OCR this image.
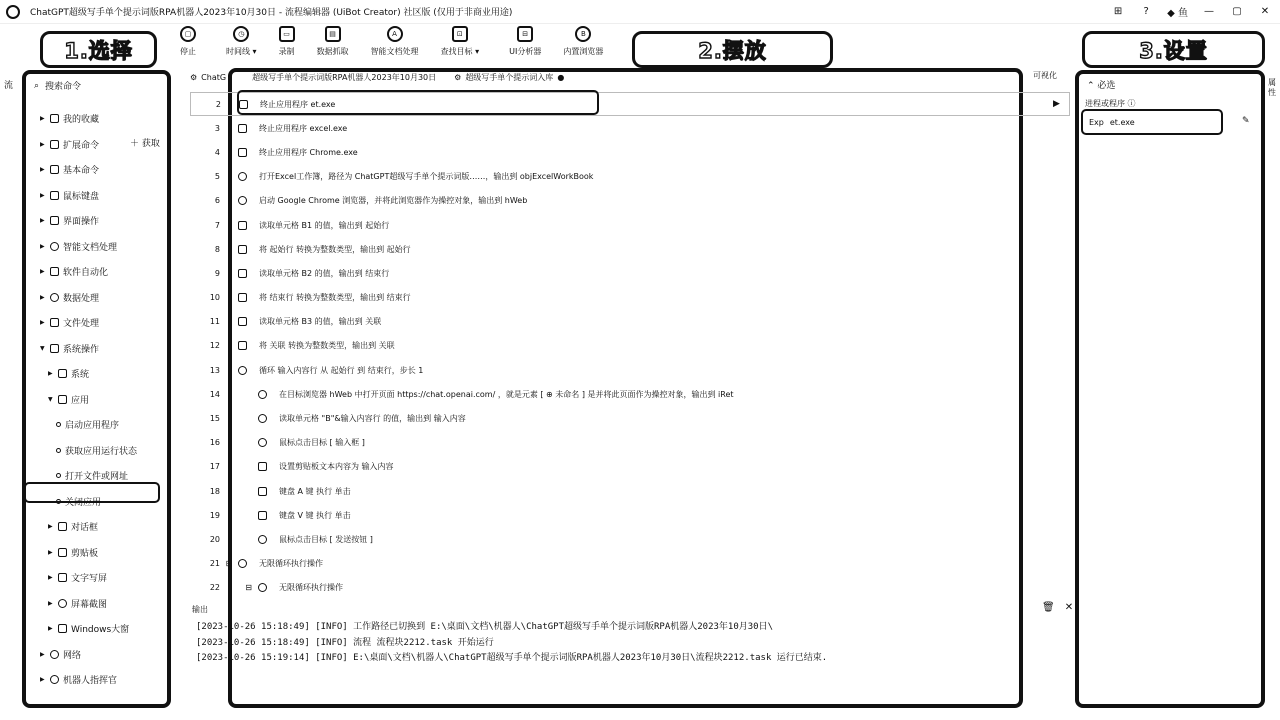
ChatGPT超级写手单个提示词版RPA机器人2023年10月30日 - 流程编辑器 (UiBot Creator) 社区版 (仅用于非商业用途)	⊞	?	◆ 鱼 — ▢ ✕
▢
停止
◷
时间线 ▾
▭
录制
▤
数据抓取
A
智能文档处理
⊡
查找目标 ▾
⊟
UI分析器
B
内置浏览器
1.选择	2.摆放	3.设置
流 ⌕ 搜索命令
＋ 获取
▶	我的收藏
▶	扩展命令
▶	基本命令
▶	鼠标键盘
▶	界面操作
▶	智能文档处理
▶	软件自动化
▶	数据处理
▶	文件处理
▼	系统操作
▶	系统
▼	应用
启动应用程序
获取应用运行状态
打开文件或网址
关闭应用
▶	对话框
▶	剪贴板
▶	文字写屏
▶	屏幕截图
▶	Windows大窗
▶	网络
▶	机器人指挥官
⚙ ChatG	超级写手单个提示词版RPA机器人2023年10月30日 ⚙ 超级写手单个提示词入库 ●	可视化
2	终止应用程序 et.exe
3	终止应用程序 excel.exe
4	终止应用程序 Chrome.exe
5	打开Excel工作簿，路径为 ChatGPT超级写手单个提示词版……，输出到 objExcelWorkBook
6	启动 Google Chrome 浏览器，并将此浏览器作为操控对象，输出到 hWeb
7	读取单元格 B1 的值，输出到 起始行
8	将 起始行 转换为整数类型，输出到 起始行
9	读取单元格 B2 的值，输出到 结束行
10	将 结束行 转换为整数类型，输出到 结束行
11	读取单元格 B3 的值，输出到 关联
12	将 关联 转换为整数类型，输出到 关联
13	循环 输入内容行 从 起始行 到 结束行，步长 1
14	在目标浏览器 hWeb 中打开页面 https://chat.openai.com/ ，就是元素 [ ⊕ 未命名 ] 是并将此页面作为操控对象，输出到 iRet
15	读取单元格 "B"&输入内容行 的值，输出到 输入内容
16	鼠标点击目标 [ 输入框 ]
17	设置剪贴板文本内容为 输入内容
18	键盘 A 键 执行 单击
19	键盘 V 键 执行 单击
20	鼠标点击目标 [ 发送按钮 ]
21 ⊟	无限循环执行操作
22	⊟	无限循环执行操作
▶
输出	🗑 ✕
[2023-10-26 15:18:49] [INFO] 工作路径已切换到 E:\桌面\文档\机器人\ChatGPT超级写手单个提示词版RPA机器人2023年10月30日\
[2023-10-26 15:18:49] [INFO] 流程 流程块2212.task 开始运行
[2023-10-26 15:19:14] [INFO] E:\桌面\文档\机器人\ChatGPT超级写手单个提示词版RPA机器人2023年10月30日\流程块2212.task 运行已结束.
⌃ 必选
进程或程序 ⓘ
Exp et.exe	✎
属性
